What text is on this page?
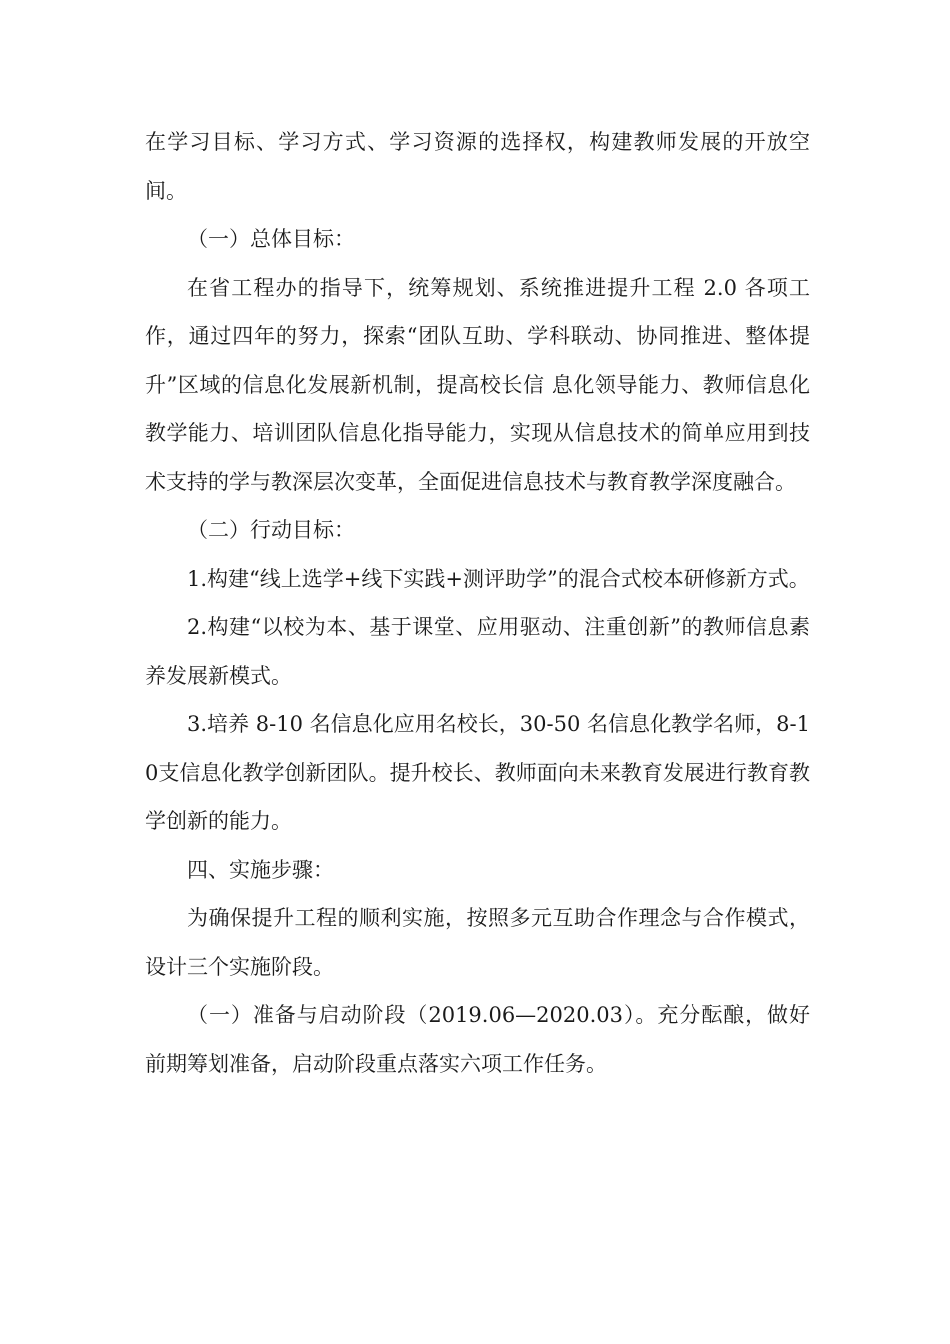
在学习目标、学习方式、学习资源的选择权，构建教师发展的开放空间。

（一）总体目标：

在省工程办的指导下，统筹规划、系统推进提升工程 2.0 各项工作，通过四年的努力，探索“团队互助、学科联动、协同推进、整体提升”区域的信息化发展新机制，提高校长信 息化领导能力、教师信息化教学能力、培训团队信息化指导能力，实现从信息技术的简单应用到技术支持的学与教深层次变革，全面促进信息技术与教育教学深度融合。

（二）行动目标：

1.构建“线上选学+线下实践+测评助学”的混合式校本研修新方式。

2.构建“以校为本、基于课堂、应用驱动、注重创新”的教师信息素养发展新模式。

3.培养 8-10 名信息化应用名校长，30-50 名信息化教学名师，8-10支信息化教学创新团队。提升校长、教师面向未来教育发展进行教育教学创新的能力。

四、实施步骤：

为确保提升工程的顺利实施，按照多元互助合作理念与合作模式，设计三个实施阶段。

（一）准备与启动阶段（2019.06—2020.03）。充分酝酿，做好前期筹划准备，启动阶段重点落实六项工作任务。
